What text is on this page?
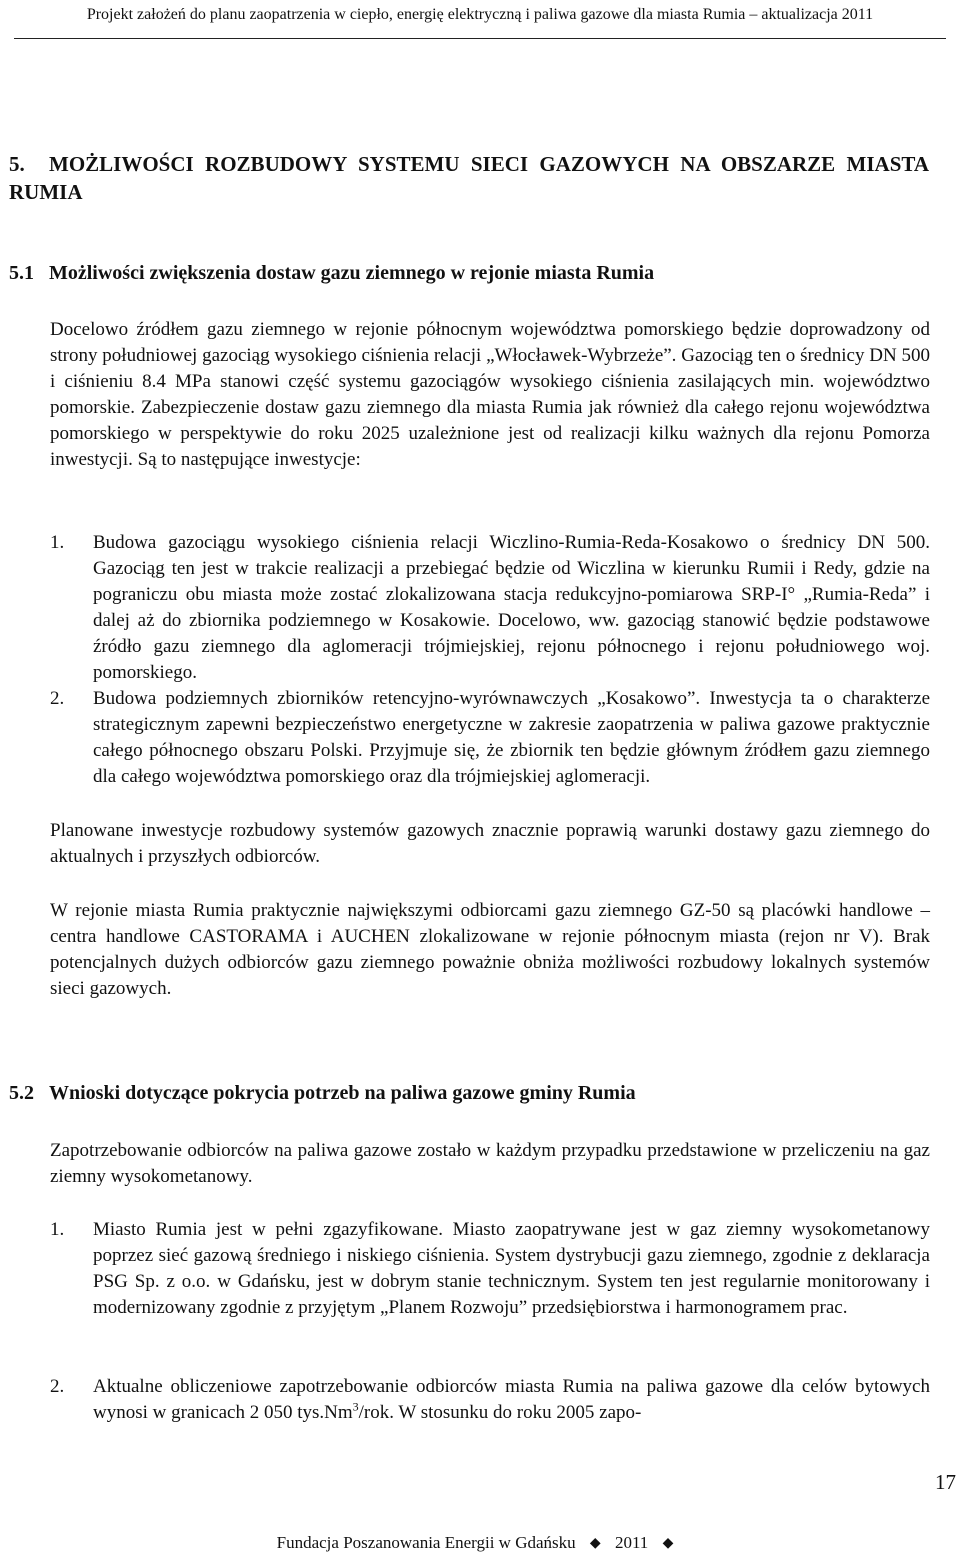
Projekt założeń do planu zaopatrzenia w ciepło, energię elektryczną i paliwa gazowe dla miasta Rumia – aktualizacja 2011
5. MOŻLIWOŚCI ROZBUDOWY SYSTEMU SIECI GAZOWYCH NA OBSZARZE MIASTA RUMIA
5.1 Możliwości zwiększenia dostaw gazu ziemnego w rejonie miasta Rumia
Docelowo źródłem gazu ziemnego w rejonie północnym województwa pomorskiego będzie doprowadzony od strony południowej gazociąg wysokiego ciśnienia relacji „Włocławek-Wybrzeże”. Gazociąg ten o średnicy DN 500 i ciśnieniu 8.4 MPa stanowi część systemu gazociągów wysokiego ciśnienia zasilających min. województwo pomorskie. Zabezpieczenie dostaw gazu ziemnego dla miasta Rumia jak również dla całego rejonu województwa pomorskiego w perspektywie do roku 2025 uzależnione jest od realizacji kilku ważnych dla rejonu Pomorza inwestycji. Są to następujące inwestycje:
1. Budowa gazociągu wysokiego ciśnienia relacji Wiczlino-Rumia-Reda-Kosakowo o średnicy DN 500. Gazociąg ten jest w trakcie realizacji a przebiegać będzie od Wiczlina w kierunku Rumii i Redy, gdzie na pograniczu obu miasta może zostać zlokalizowana stacja redukcyjno-pomiarowa SRP-I° „Rumia-Reda” i dalej aż do zbiornika podziemnego w Kosakowie. Docelowo, ww. gazociąg stanowić będzie podstawowe źródło gazu ziemnego dla aglomeracji trójmiejskiej, rejonu północnego i rejonu południowego woj. pomorskiego.
2. Budowa podziemnych zbiorników retencyjno-wyrównawczych „Kosakowo”. Inwestycja ta o charakterze strategicznym zapewni bezpieczeństwo energetyczne w zakresie zaopatrzenia w paliwa gazowe praktycznie całego północnego obszaru Polski. Przyjmuje się, że zbiornik ten będzie głównym źródłem gazu ziemnego dla całego województwa pomorskiego oraz dla trójmiejskiej aglomeracji.
Planowane inwestycje rozbudowy systemów gazowych znacznie poprawią warunki dostawy gazu ziemnego do aktualnych i przyszłych odbiorców.
W rejonie miasta Rumia praktycznie największymi odbiorcami gazu ziemnego GZ-50 są placówki handlowe – centra handlowe CASTORAMA i AUCHEN zlokalizowane w rejonie północnym miasta (rejon nr V). Brak potencjalnych dużych odbiorców gazu ziemnego poważnie obniża możliwości rozbudowy lokalnych systemów sieci gazowych.
5.2 Wnioski dotyczące pokrycia potrzeb na paliwa gazowe gminy Rumia
Zapotrzebowanie odbiorców na paliwa gazowe zostało w każdym przypadku przedstawione w przeliczeniu na gaz ziemny wysokometanowy.
1. Miasto Rumia jest w pełni zgazyfikowane. Miasto zaopatrywane jest w gaz ziemny wysokometanowy poprzez sieć gazową średniego i niskiego ciśnienia. System dystrybucji gazu ziemnego, zgodnie z deklaracja PSG Sp. z o.o. w Gdańsku, jest w dobrym stanie technicznym. System ten jest regularnie monitorowany i modernizowany zgodnie z przyjętym „Planem Rozwoju” przedsiębiorstwa i harmonogramem prac.
2. Aktualne obliczeniowe zapotrzebowanie odbiorców miasta Rumia na paliwa gazowe dla celów bytowych wynosi w granicach 2 050 tys.Nm$^3$/rok. W stosunku do roku 2005 zapo-
17
Fundacja Poszanowania Energii w Gdańsku ◆ 2011 ◆
